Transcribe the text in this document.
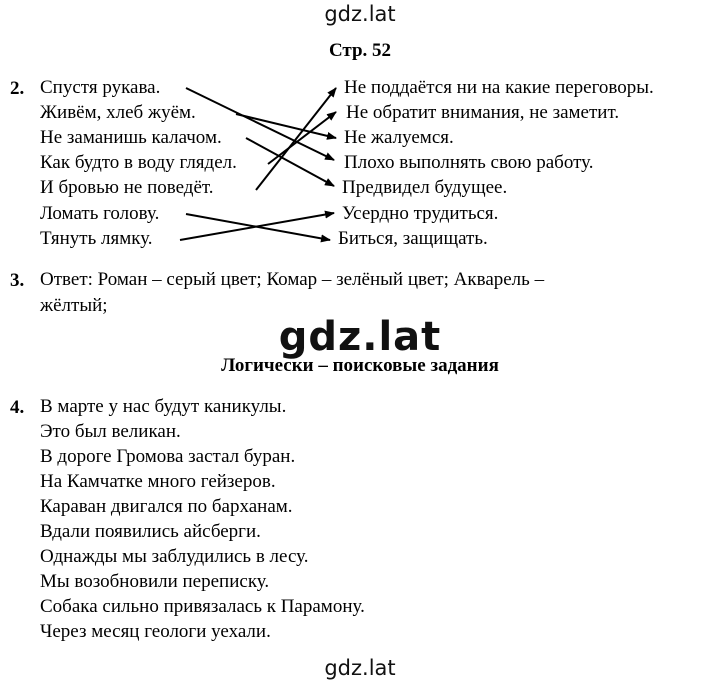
gdz.lat
Стр. 52
2. Спустя рукава.
Живём, хлеб жуём.
Не заманишь калачом.
Как будто в воду глядел.
И бровью не поведёт.
Ломать голову.
Тянуть лямку.
Не поддаётся ни на какие переговоры.
Не обратит внимания, не заметит.
Не жалуемся.
Плохо выполнять свою работу.
Предвидел будущее.
Усердно трудиться.
Биться, защищать.
3. Ответ: Роман – серый цвет; Комар – зелёный цвет; Акварель –
жёлтый;
Логически – поисковые задания
gdz.lat
4. В марте у нас будут каникулы.
Это был великан.
В дороге Громова застал буран.
На Камчатке много гейзеров.
Караван двигался по барханам.
Вдали появились айсберги.
Однажды мы заблудились в лесу.
Мы возобновили переписку.
Собака сильно привязалась к Парамону.
Через месяц геологи уехали.
gdz.lat
